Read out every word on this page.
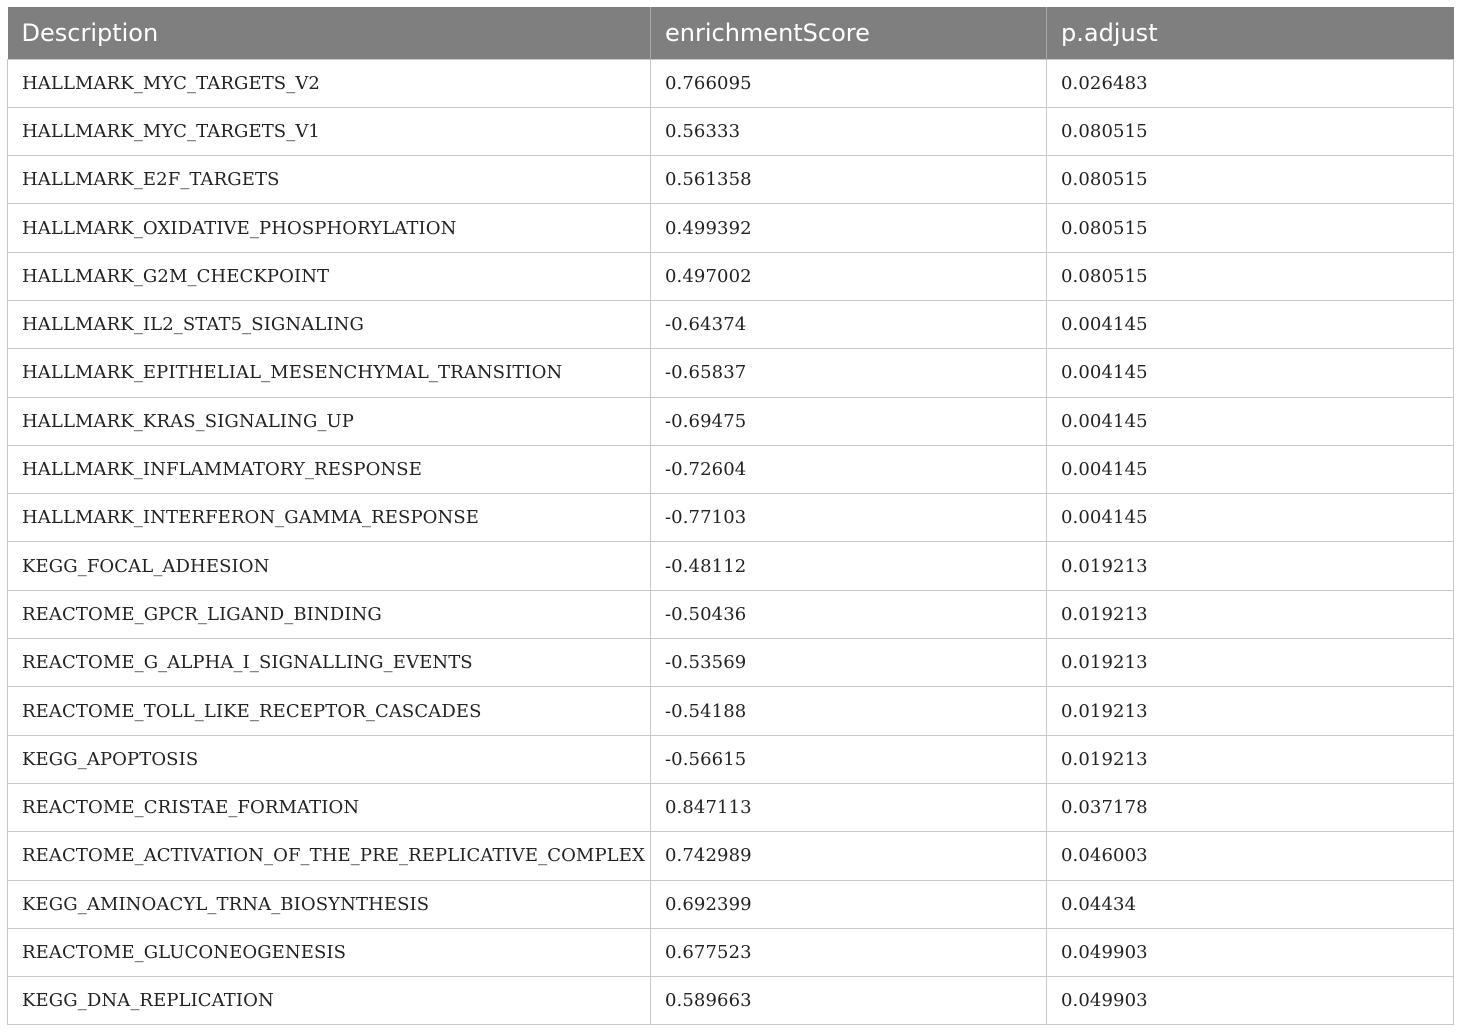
Description	enrichmentScore	p.adjust
HALLMARK_MYC_TARGETS_V2	0.766095	0.026483
HALLMARK_MYC_TARGETS_V1	0.56333	0.080515
HALLMARK_E2F_TARGETS	0.561358	0.080515
HALLMARK_OXIDATIVE_PHOSPHORYLATION	0.499392	0.080515
HALLMARK_G2M_CHECKPOINT	0.497002	0.080515
HALLMARK_IL2_STAT5_SIGNALING	-0.64374	0.004145
HALLMARK_EPITHELIAL_MESENCHYMAL_TRANSITION	-0.65837	0.004145
HALLMARK_KRAS_SIGNALING_UP	-0.69475	0.004145
HALLMARK_INFLAMMATORY_RESPONSE	-0.72604	0.004145
HALLMARK_INTERFERON_GAMMA_RESPONSE	-0.77103	0.004145
KEGG_FOCAL_ADHESION	-0.48112	0.019213
REACTOME_GPCR_LIGAND_BINDING	-0.50436	0.019213
REACTOME_G_ALPHA_I_SIGNALLING_EVENTS	-0.53569	0.019213
REACTOME_TOLL_LIKE_RECEPTOR_CASCADES	-0.54188	0.019213
KEGG_APOPTOSIS	-0.56615	0.019213
REACTOME_CRISTAE_FORMATION	0.847113	0.037178
REACTOME_ACTIVATION_OF_THE_PRE_REPLICATIVE_COMPLEX	0.742989	0.046003
KEGG_AMINOACYL_TRNA_BIOSYNTHESIS	0.692399	0.04434
REACTOME_GLUCONEOGENESIS	0.677523	0.049903
KEGG_DNA_REPLICATION	0.589663	0.049903
